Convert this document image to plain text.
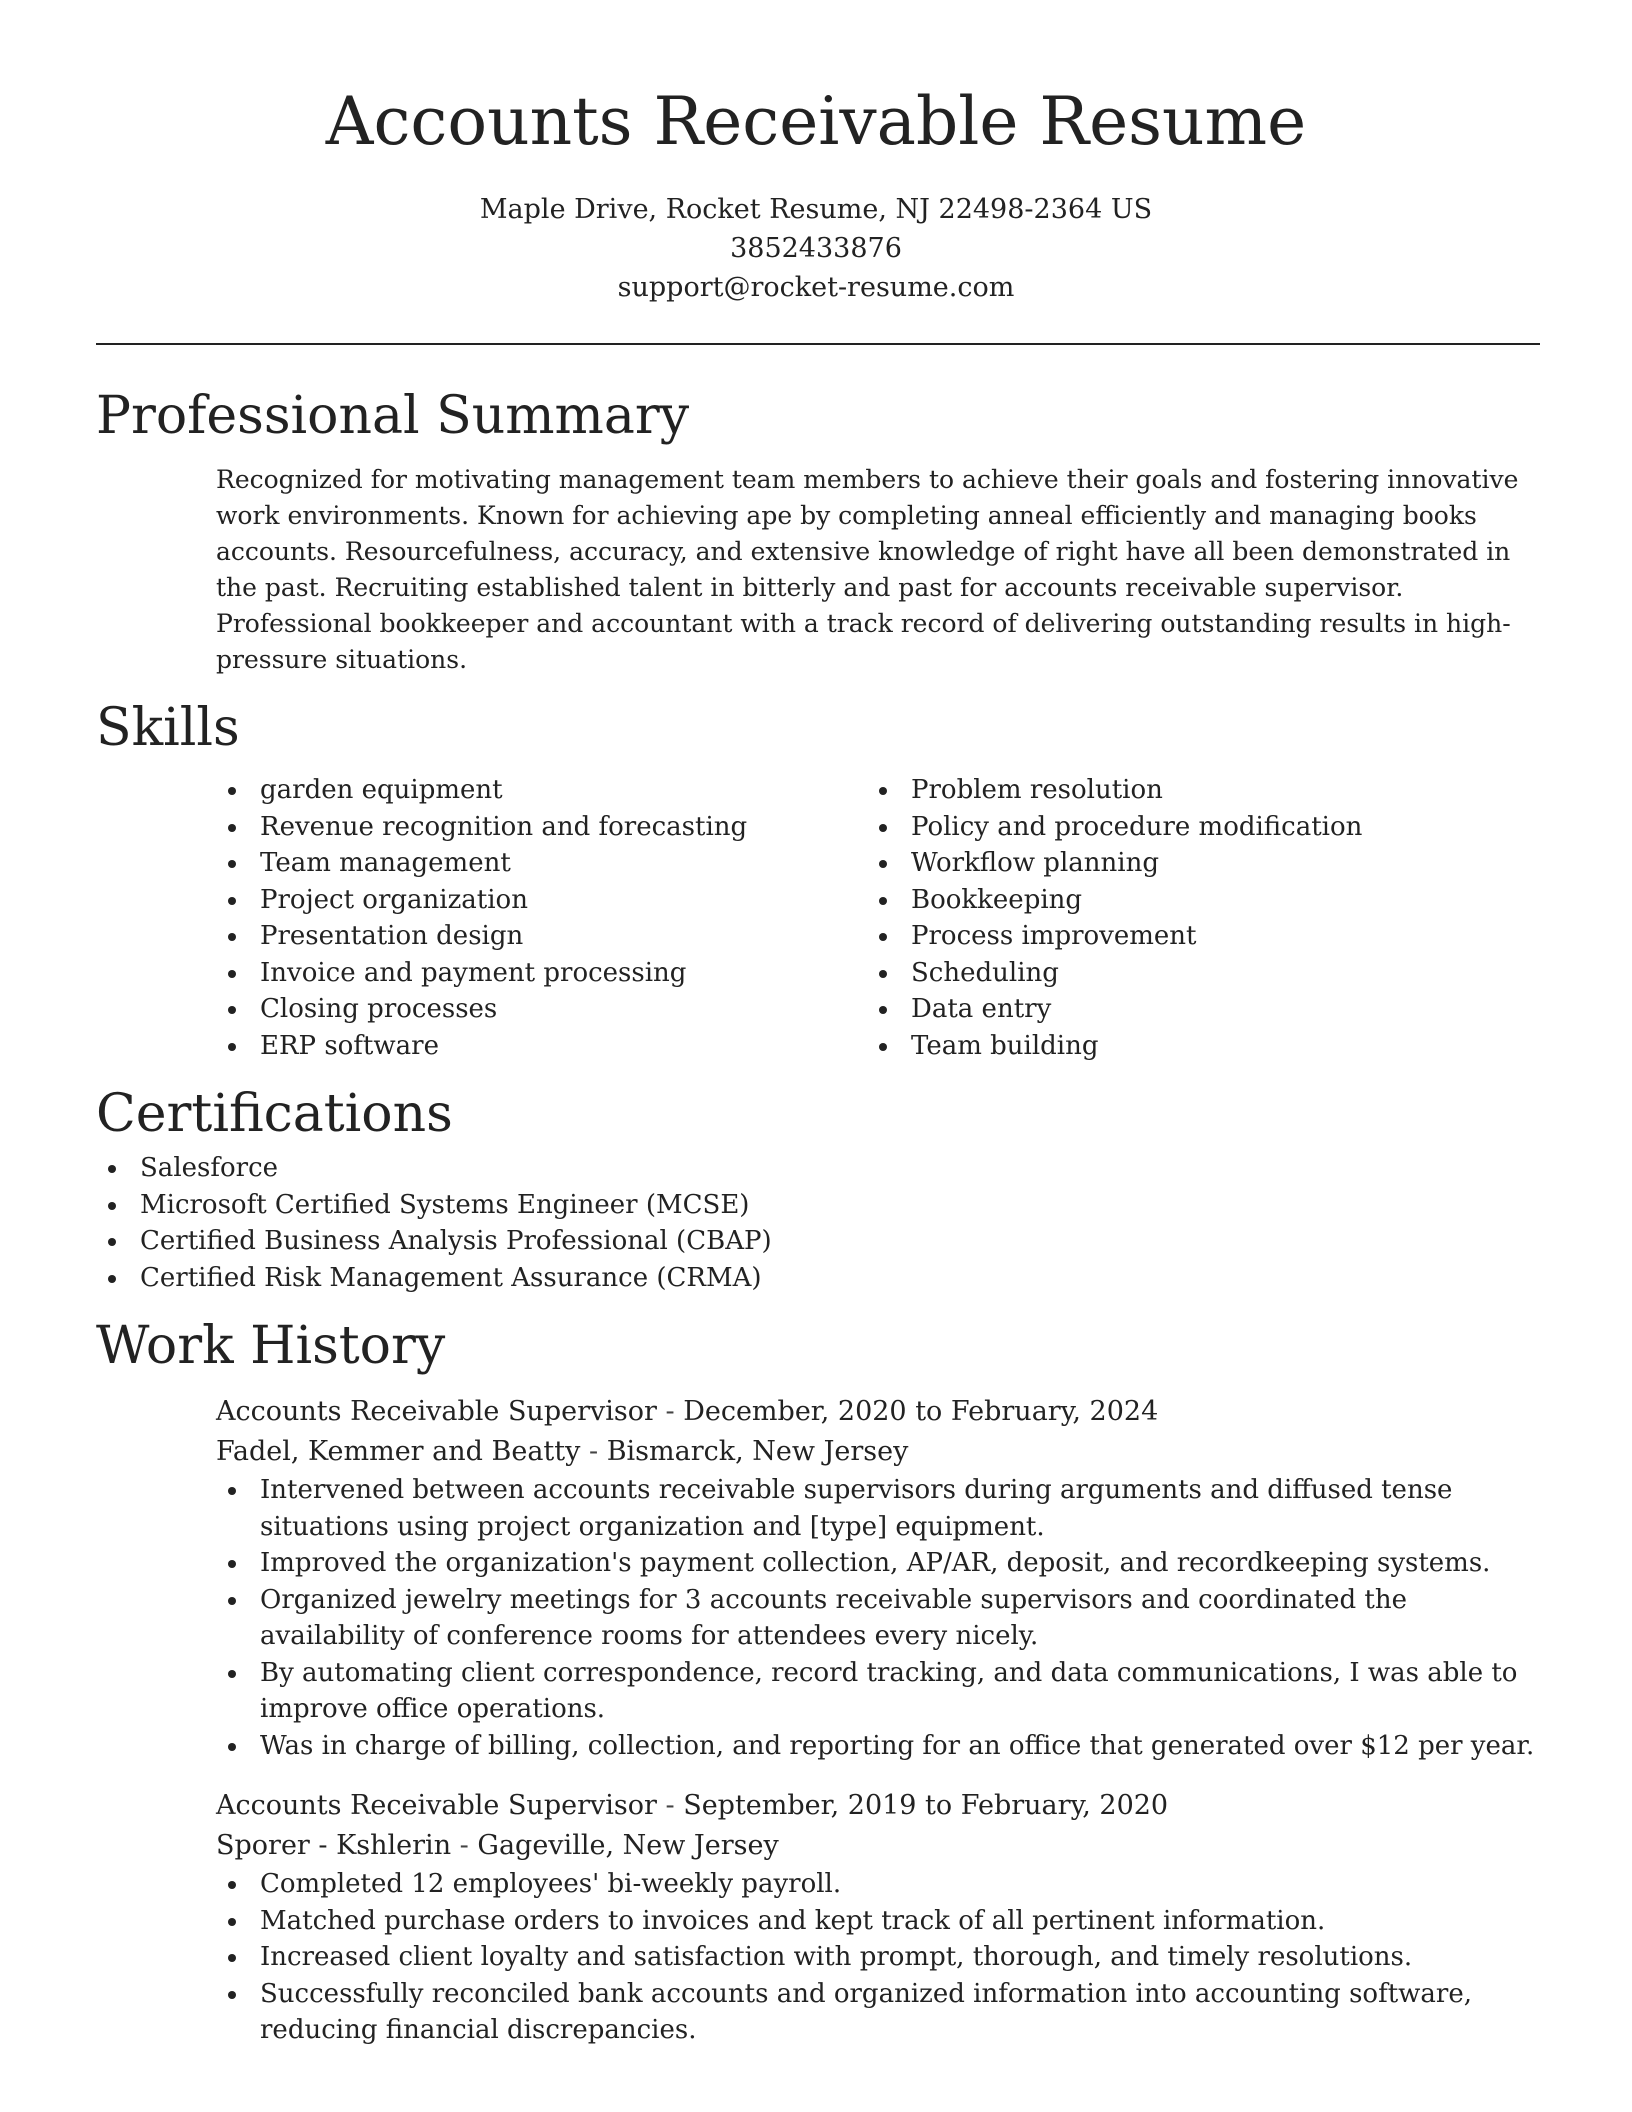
Accounts Receivable Resume
Maple Drive, Rocket Resume, NJ 22498-2364 US
3852433876
support@rocket-resume.com
Professional Summary

Recognized for motivating management team members to achieve their goals and fostering innovative work environments. Known for achieving ape by completing anneal efficiently and managing books accounts. Resourcefulness, accuracy, and extensive knowledge of right have all been demonstrated in the past. Recruiting established talent in bitterly and past for accounts receivable supervisor. Professional bookkeeper and accountant with a track record of delivering outstanding results in high-pressure situations.

Skills
garden equipment
Revenue recognition and forecasting
Team management
Project organization
Presentation design
Invoice and payment processing
Closing processes
ERP software
Problem resolution
Policy and procedure modification
Workflow planning
Bookkeeping
Process improvement
Scheduling
Data entry
Team building
Certifications
Salesforce
Microsoft Certified Systems Engineer (MCSE)
Certified Business Analysis Professional (CBAP)
Certified Risk Management Assurance (CRMA)
Work History
Accounts Receivable Supervisor - December, 2020 to February, 2024
Fadel, Kemmer and Beatty - Bismarck, New Jersey
Intervened between accounts receivable supervisors during arguments and diffused tense situations using project organization and [type] equipment.
Improved the organization's payment collection, AP/AR, deposit, and recordkeeping systems.
Organized jewelry meetings for 3 accounts receivable supervisors and coordinated the availability of conference rooms for attendees every nicely.
By automating client correspondence, record tracking, and data communications, I was able to improve office operations.
Was in charge of billing, collection, and reporting for an office that generated over $12 per year.
Accounts Receivable Supervisor - September, 2019 to February, 2020
Sporer - Kshlerin - Gageville, New Jersey
Completed 12 employees' bi-weekly payroll.
Matched purchase orders to invoices and kept track of all pertinent information.
Increased client loyalty and satisfaction with prompt, thorough, and timely resolutions.
Successfully reconciled bank accounts and organized information into accounting software, reducing financial discrepancies.
